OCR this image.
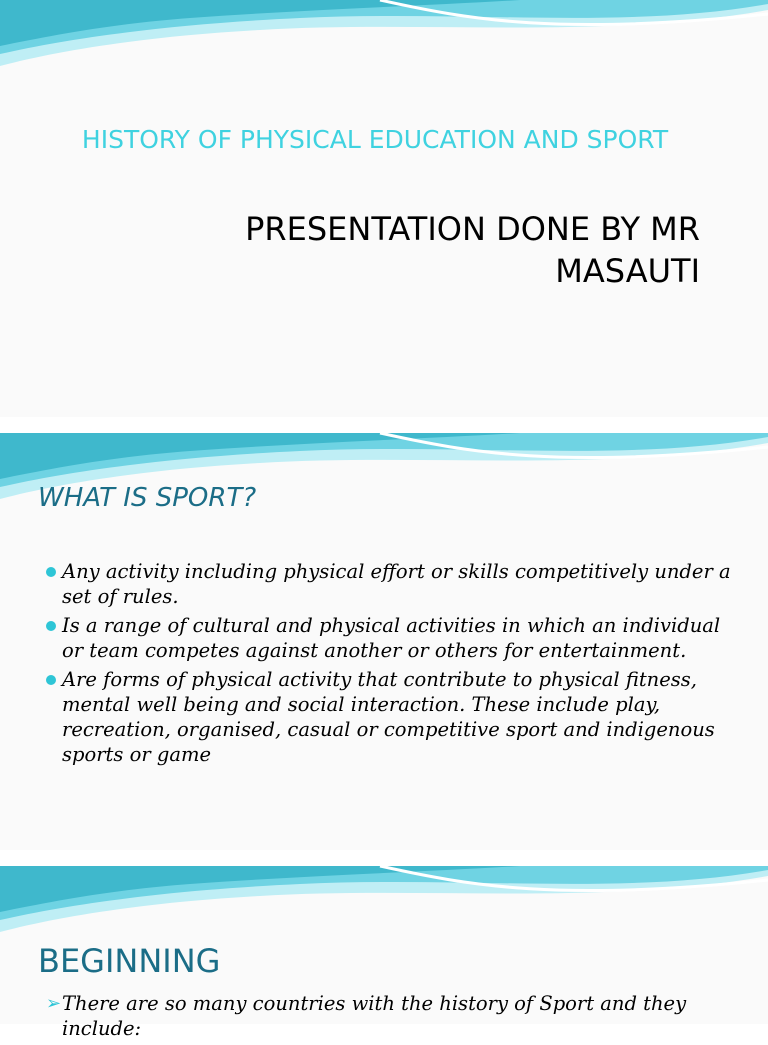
HISTORY OF PHYSICAL EDUCATION AND SPORT
PRESENTATION DONE BY MR
MASAUTI
WHAT IS SPORT?
Any activity including physical effort or skills competitively under a set of rules.
Is a range of cultural and physical activities in which an individual or team competes against another or others for entertainment.
Are forms of physical activity that contribute to physical fitness, mental well being and social interaction. These include play, recreation, organised, casual or competitive sport and indigenous sports or game
BEGINNING
➢ There are so many countries with the history of Sport and they include:
